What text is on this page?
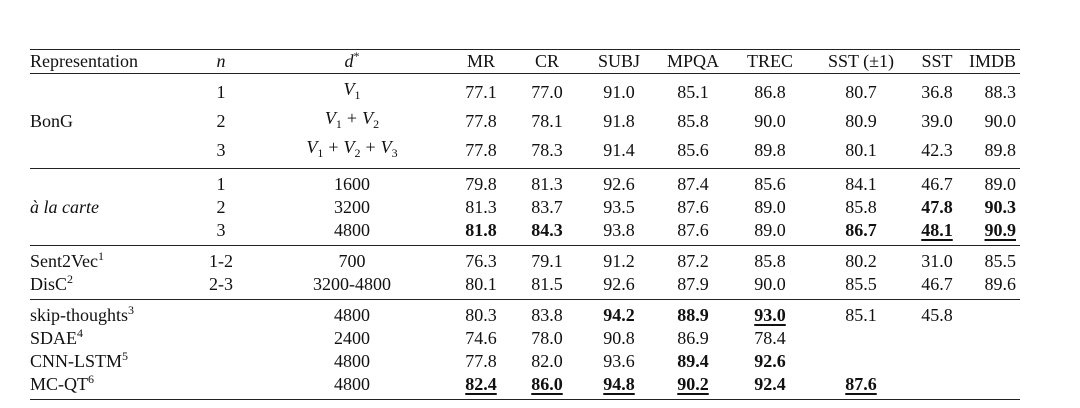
Representation	n	d*	MR	CR	SUBJ	MPQA	TREC	SST (±1)	SST	IMDB
	1	$V_1$	77.1	77.0	91.0	85.1	86.8	80.7	36.8	88.3
BonG	2	$V_1 + V_2$	77.8	78.1	91.8	85.8	90.0	80.9	39.0	90.0
	3	$V_1 + V_2 + V_3$	77.8	78.3	91.4	85.6	89.8	80.1	42.3	89.8
	1	1600	79.8	81.3	92.6	87.4	85.6	84.1	46.7	89.0
à la carte	2	3200	81.3	83.7	93.5	87.6	89.0	85.8	47.8	90.3
	3	4800	81.8	84.3	93.8	87.6	89.0	86.7	48.1	90.9
Sent2Vec$^1$	1-2	700	76.3	79.1	91.2	87.2	85.8	80.2	31.0	85.5
DisC$^2$	2-3	3200-4800	80.1	81.5	92.6	87.9	90.0	85.5	46.7	89.6
skip-thoughts$^3$		4800	80.3	83.8	94.2	88.9	93.0	85.1	45.8	
SDAE$^4$		2400	74.6	78.0	90.8	86.9	78.4			
CNN-LSTM$^5$		4800	77.8	82.0	93.6	89.4	92.6			
$MC-QT^6$		4800	82.4	86.0	94.8	90.2	92.4	87.6		
